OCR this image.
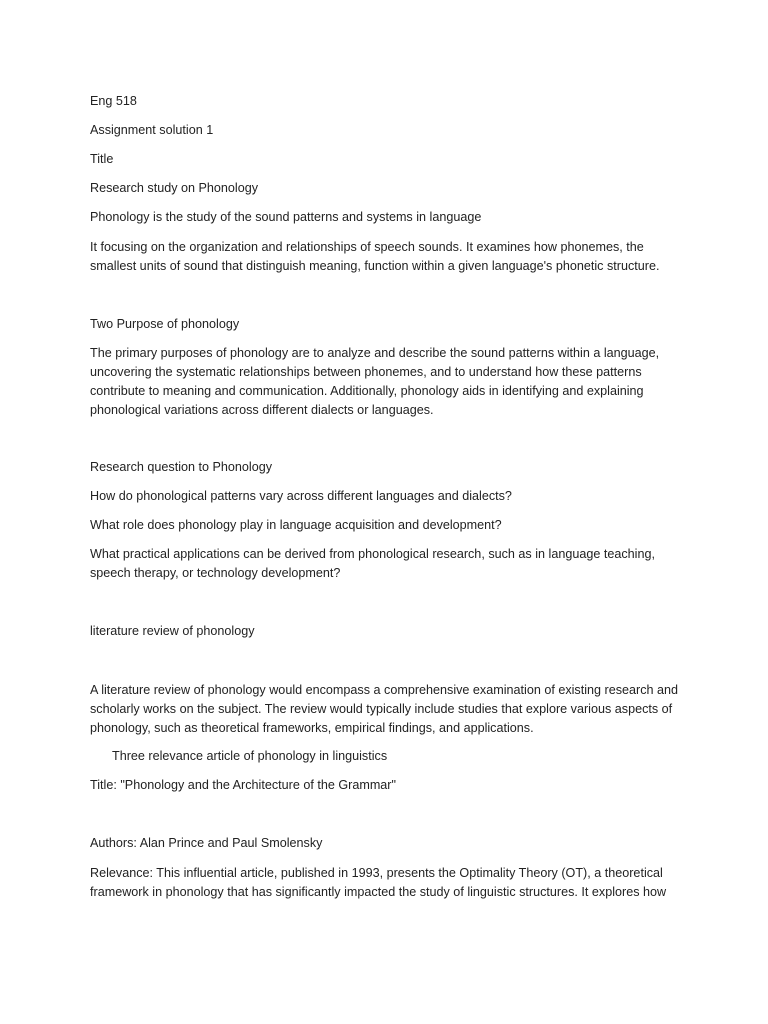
Eng 518

Assignment solution 1

Title

Research study on Phonology

Phonology is the study of the sound patterns and systems in language

It focusing on the organization and relationships of speech sounds. It examines how phonemes, the smallest units of sound that distinguish meaning, function within a given language's phonetic structure.

Two Purpose of phonology

The primary purposes of phonology are to analyze and describe the sound patterns within a language, uncovering the systematic relationships between phonemes, and to understand how these patterns contribute to meaning and communication. Additionally, phonology aids in identifying and explaining phonological variations across different dialects or languages.

Research question to Phonology

How do phonological patterns vary across different languages and dialects?

What role does phonology play in language acquisition and development?

What practical applications can be derived from phonological research, such as in language teaching, speech therapy, or technology development?

literature review of phonology

A literature review of phonology would encompass a comprehensive examination of existing research and scholarly works on the subject. The review would typically include studies that explore various aspects of phonology, such as theoretical frameworks, empirical findings, and applications.

Three relevance article of phonology in linguistics

Title: "Phonology and the Architecture of the Grammar"

Authors: Alan Prince and Paul Smolensky

Relevance: This influential article, published in 1993, presents the Optimality Theory (OT), a theoretical framework in phonology that has significantly impacted the study of linguistic structures. It explores how
